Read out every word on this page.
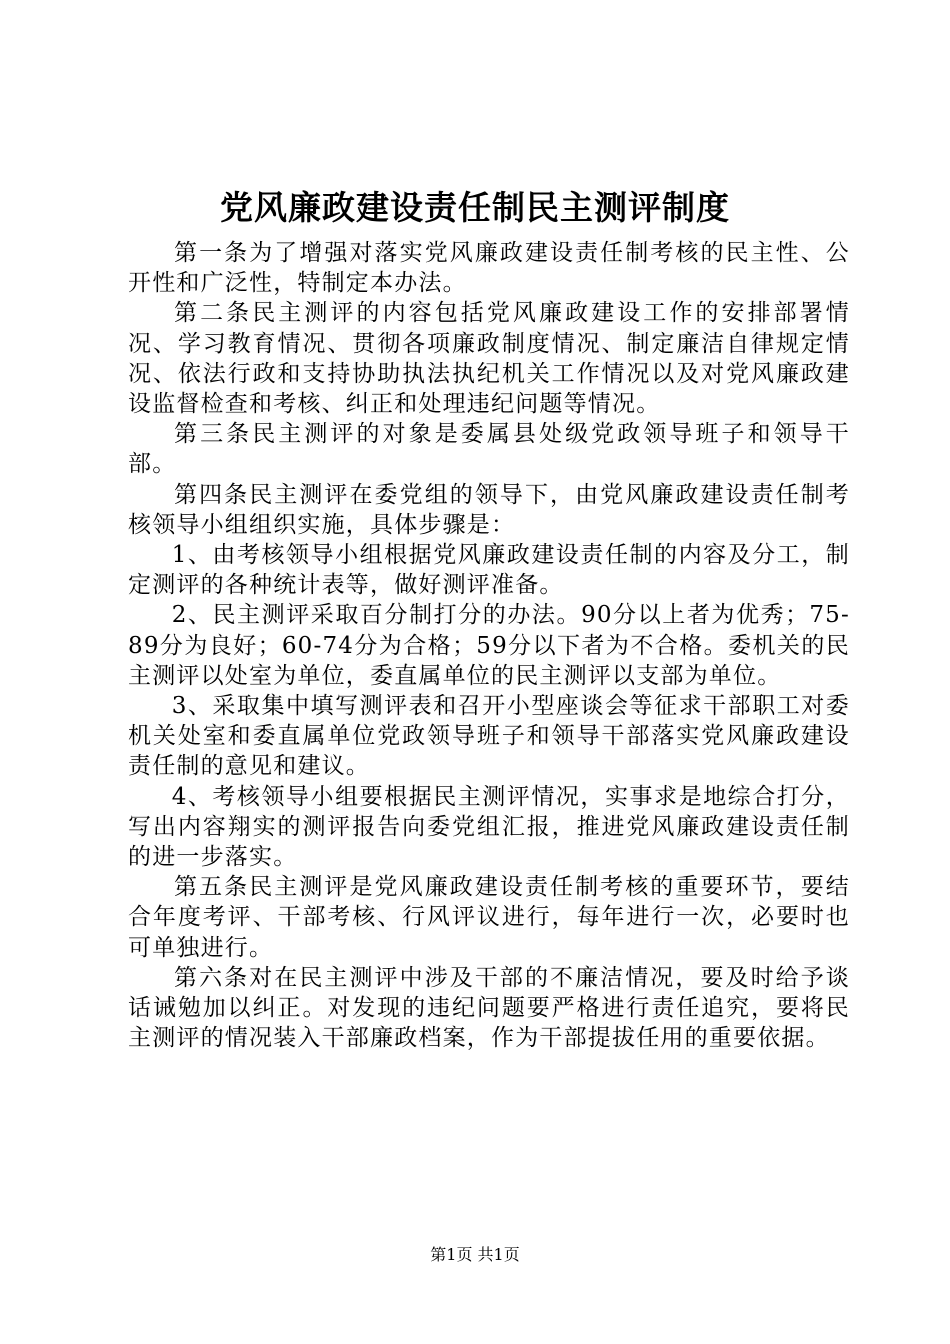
党风廉政建设责任制民主测评制度

第一条为了增强对落实党风廉政建设责任制考核的民主性、公开性和广泛性，特制定本办法。

第二条民主测评的内容包括党风廉政建设工作的安排部署情况、学习教育情况、贯彻各项廉政制度情况、制定廉洁自律规定情况、依法行政和支持协助执法执纪机关工作情况以及对党风廉政建设监督检查和考核、纠正和处理违纪问题等情况。

第三条民主测评的对象是委属县处级党政领导班子和领导干部。

第四条民主测评在委党组的领导下，由党风廉政建设责任制考核领导小组组织实施，具体步骤是：

1、由考核领导小组根据党风廉政建设责任制的内容及分工，制定测评的各种统计表等，做好测评准备。

2、民主测评采取百分制打分的办法。90分以上者为优秀；75-89分为良好；60-74分为合格；59分以下者为不合格。委机关的民主测评以处室为单位，委直属单位的民主测评以支部为单位。

3、采取集中填写测评表和召开小型座谈会等征求干部职工对委机关处室和委直属单位党政领导班子和领导干部落实党风廉政建设责任制的意见和建议。

4、考核领导小组要根据民主测评情况，实事求是地综合打分，写出内容翔实的测评报告向委党组汇报，推进党风廉政建设责任制的进一步落实。

第五条民主测评是党风廉政建设责任制考核的重要环节，要结合年度考评、干部考核、行风评议进行，每年进行一次，必要时也可单独进行。

第六条对在民主测评中涉及干部的不廉洁情况，要及时给予谈话诫勉加以纠正。对发现的违纪问题要严格进行责任追究，要将民主测评的情况装入干部廉政档案，作为干部提拔任用的重要依据。

第1页 共1页
